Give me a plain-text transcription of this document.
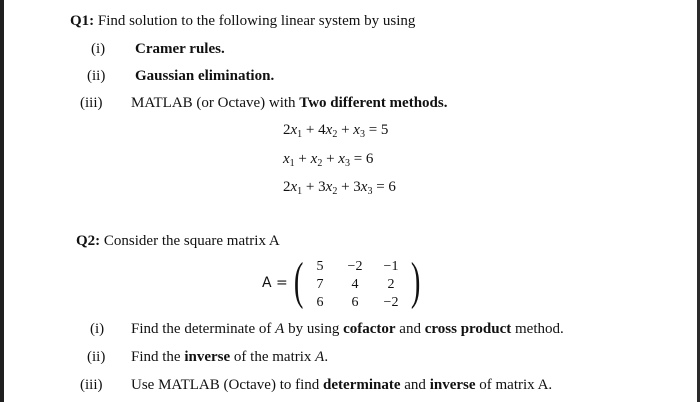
Q1: Find solution to the following linear system by using
(i) Cramer rules.
(ii) Gaussian elimination.
(iii) MATLAB (or Octave) with Two different methods.
$2x_1 + 4x_2 + x_3 = 5$
$x_1 + x_2 + x_3 = 6$
$2x_1 + 3x_2 + 3x_3 = 6$
Q2: Consider the square matrix A
A = ( )
5	−2 −1
7	4	2
6	6	−2
(i) Find the determinate of A by using cofactor and cross product method.
(ii) Find the inverse of the matrix A.
(iii) Use MATLAB (Octave) to find determinate and inverse of matrix A.
